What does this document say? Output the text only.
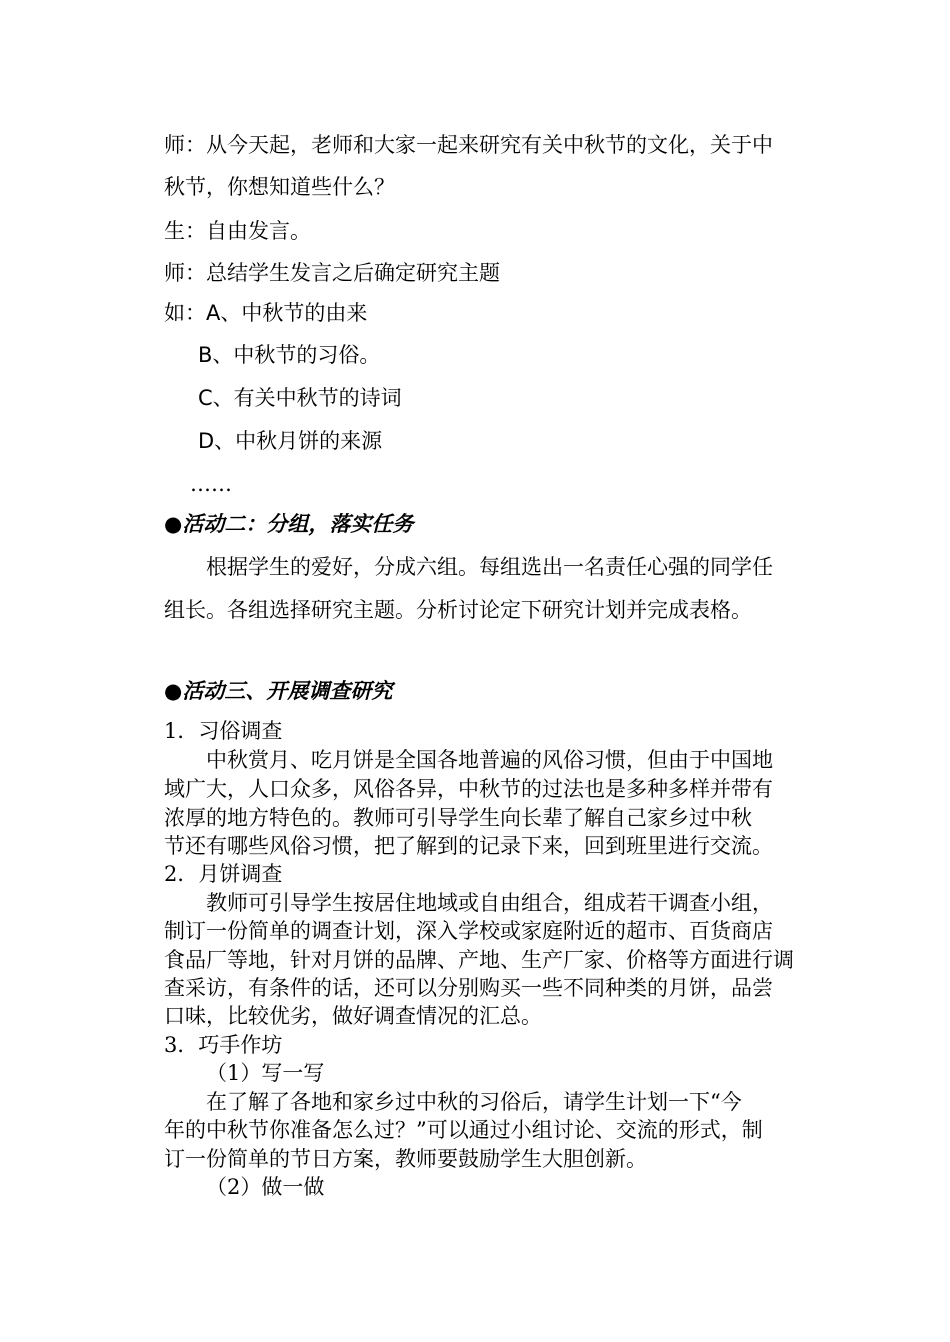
师：从今天起，老师和大家一起来研究有关中秋节的文化，关于中
秋节，你想知道些什么？
生：自由发言。
师：总结学生发言之后确定研究主题
如：A、中秋节的由来
B、中秋节的习俗。
C、有关中秋节的诗词
D、中秋月饼的来源
……
●活动二：分组，落实任务
根据学生的爱好，分成六组。每组选出一名责任心强的同学任
组长。各组选择研究主题。分析讨论定下研究计划并完成表格。
●活动三、开展调查研究
1．习俗调查
中秋赏月、吃月饼是全国各地普遍的风俗习惯，但由于中国地
域广大，人口众多，风俗各异，中秋节的过法也是多种多样并带有
浓厚的地方特色的。教师可引导学生向长辈了解自己家乡过中秋
节还有哪些风俗习惯，把了解到的记录下来，回到班里进行交流。
2．月饼调查
教师可引导学生按居住地域或自由组合，组成若干调查小组，
制订一份简单的调查计划，深入学校或家庭附近的超市、百货商店
食品厂等地，针对月饼的品牌、产地、生产厂家、价格等方面进行调
查采访，有条件的话，还可以分别购买一些不同种类的月饼，品尝
口味，比较优劣，做好调查情况的汇总。
3．巧手作坊
（1）写一写
在了解了各地和家乡过中秋的习俗后，请学生计划一下“今
年的中秋节你准备怎么过？”可以通过小组讨论、交流的形式，制
订一份简单的节日方案，教师要鼓励学生大胆创新。
（2）做一做
